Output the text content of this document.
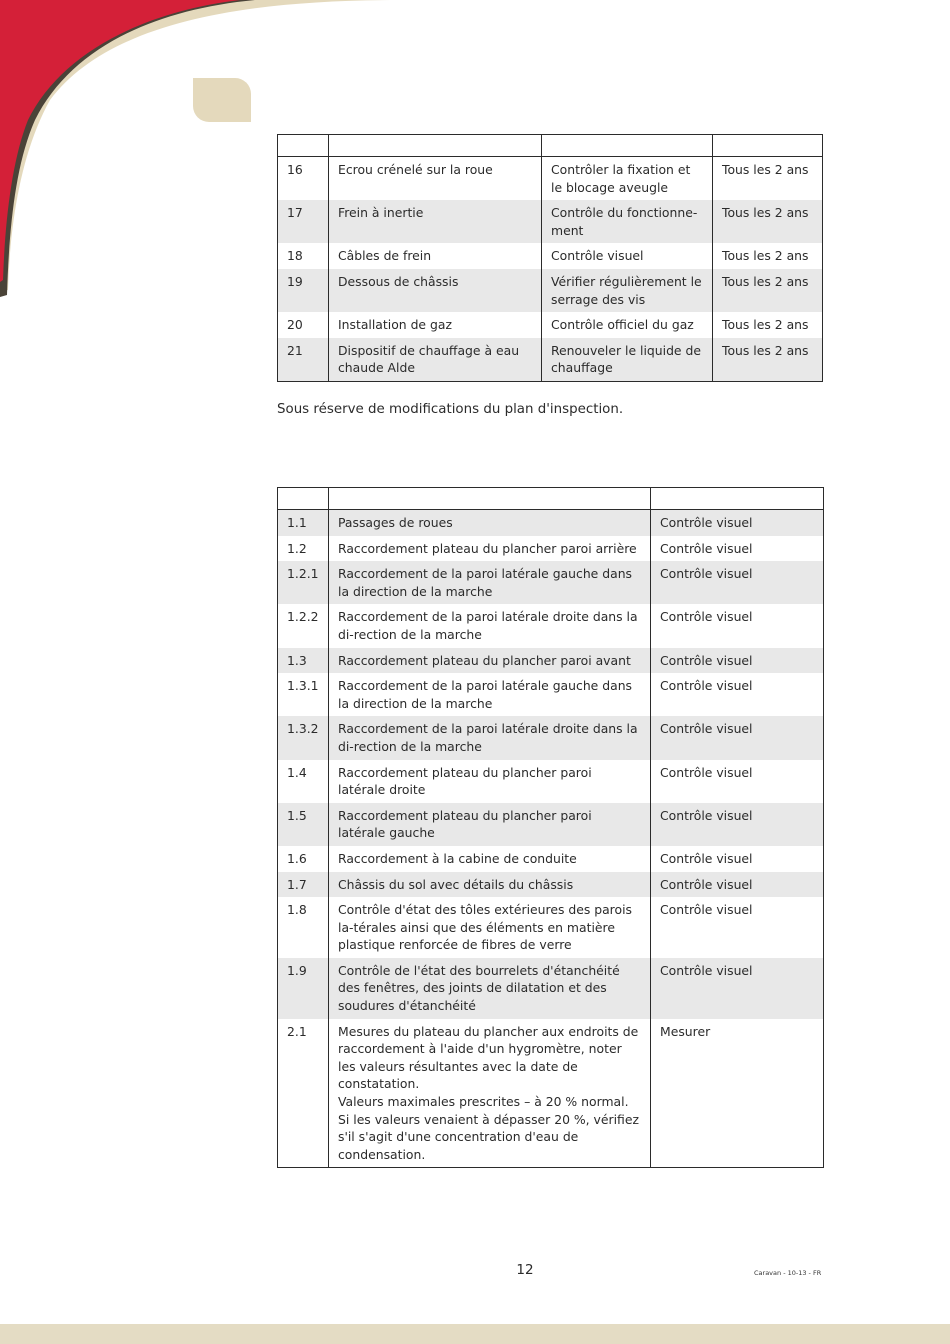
16	Ecrou crénelé sur la roue	Contrôler la fixation et le blocage aveugle	Tous les 2 ans
17	Frein à inertie	Contrôle du fonctionne-ment	Tous les 2 ans
18	Câbles de frein	Contrôle visuel	Tous les 2 ans
19	Dessous de châssis	Vérifier régulièrement le serrage des vis	Tous les 2 ans
20	Installation de gaz	Contrôle officiel du gaz	Tous les 2 ans
21	Dispositif de chauffage à eau chaude Alde	Renouveler le liquide de chauffage	Tous les 2 ans
Sous réserve de modifications du plan d'inspection.

1.1	Passages de roues	Contrôle visuel
1.2	Raccordement plateau du plancher paroi arrière	Contrôle visuel
1.2.1	Raccordement de la paroi latérale gauche dans la direction de la marche	Contrôle visuel
1.2.2	Raccordement de la paroi latérale droite dans la di-rection de la marche	Contrôle visuel
1.3	Raccordement plateau du plancher paroi avant	Contrôle visuel
1.3.1	Raccordement de la paroi latérale gauche dans la direction de la marche	Contrôle visuel
1.3.2	Raccordement de la paroi latérale droite dans la di-rection de la marche	Contrôle visuel
1.4	Raccordement plateau du plancher paroi latérale droite	Contrôle visuel
1.5	Raccordement plateau du plancher paroi latérale gauche	Contrôle visuel
1.6	Raccordement à la cabine de conduite	Contrôle visuel
1.7	Châssis du sol avec détails du châssis	Contrôle visuel
1.8	Contrôle d'état des tôles extérieures des parois la-térales ainsi que des éléments en matière plastique renforcée de fibres de verre	Contrôle visuel
1.9	Contrôle de l'état des bourrelets d'étanchéité des fenêtres, des joints de dilatation et des soudures d'étanchéité	Contrôle visuel
2.1	Mesures du plateau du plancher aux endroits de raccordement à l'aide d'un hygromètre, noter les valeurs résultantes avec la date de constatation.
Valeurs maximales prescrites – à 20 % normal.
Si les valeurs venaient à dépasser 20 %, vérifiez s'il s'agit d'une concentration d'eau de condensation.	Mesurer
12	Caravan - 10-13 - FR
